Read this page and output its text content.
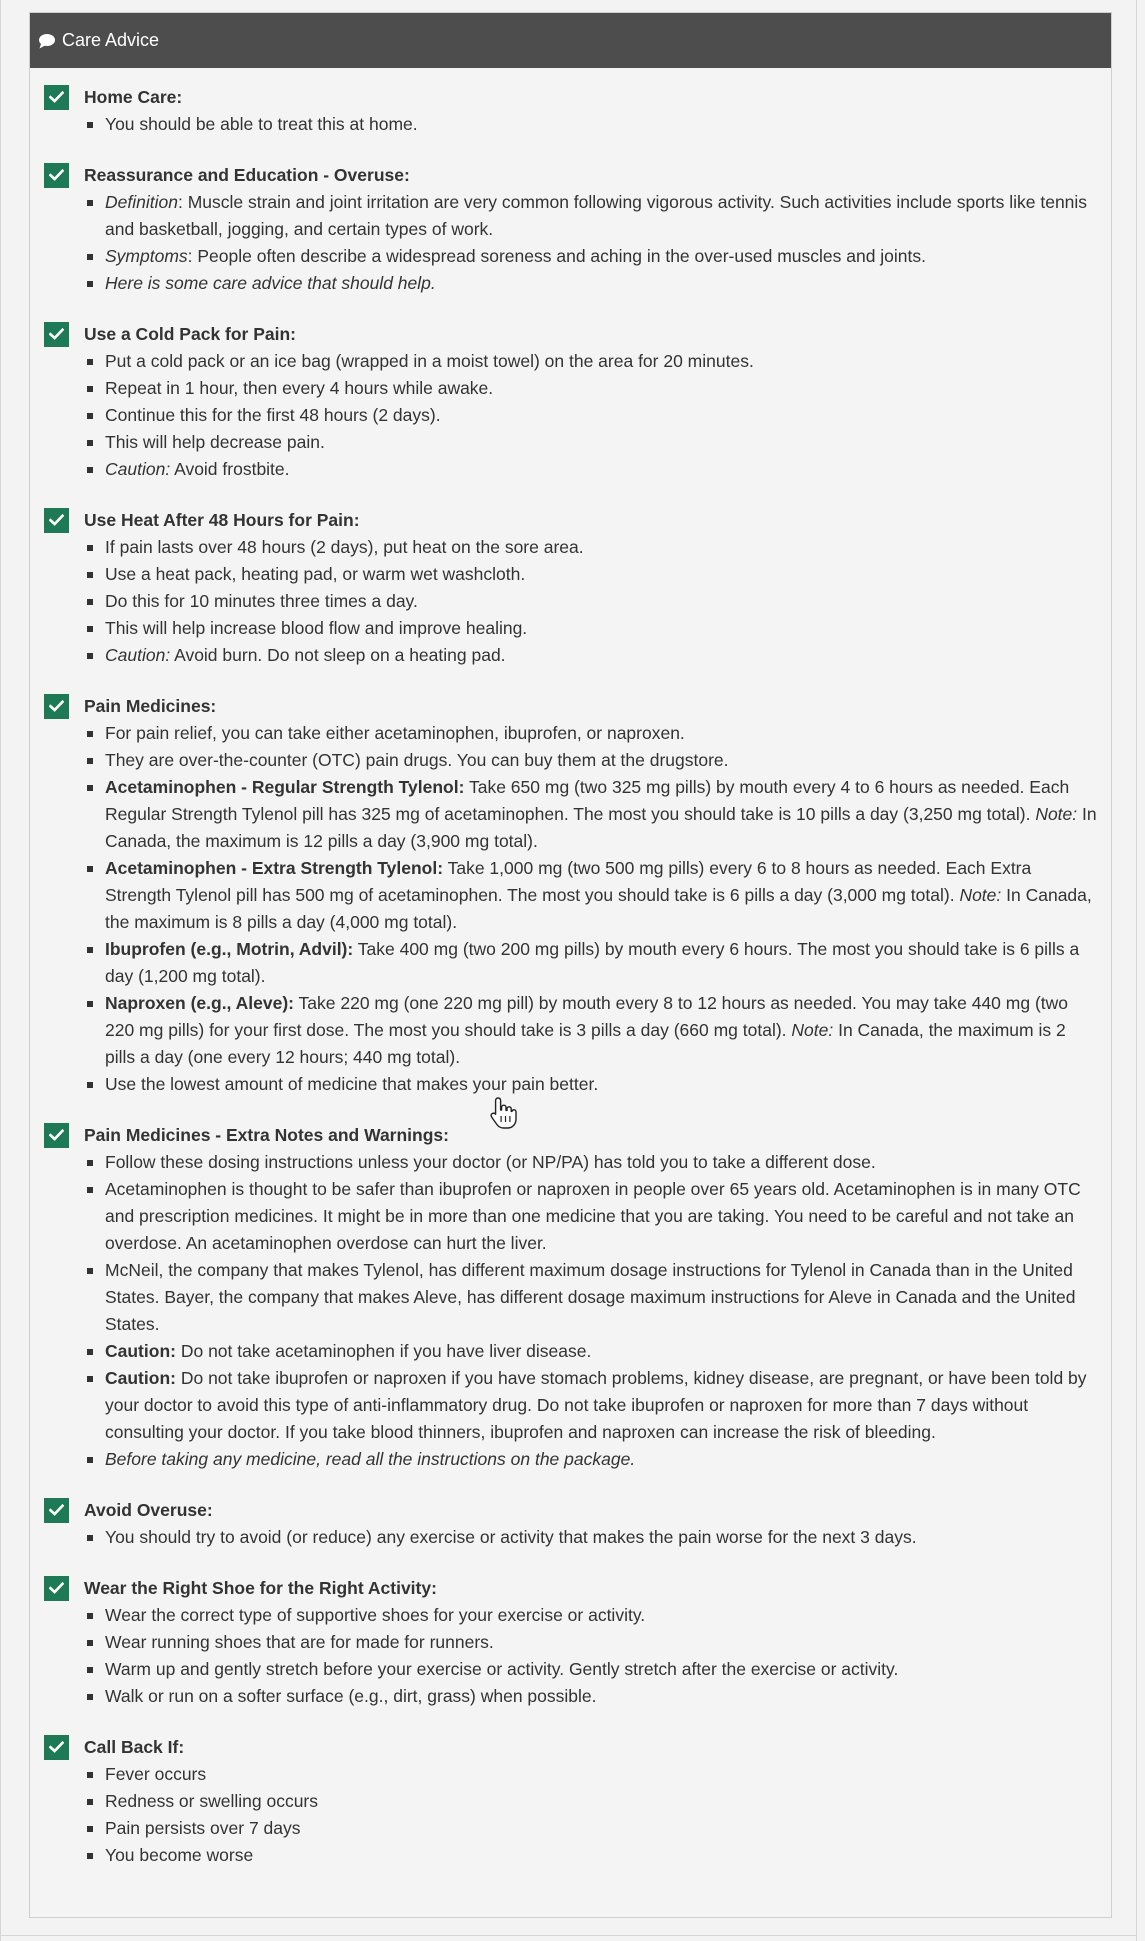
Care Advice
Home Care:
You should be able to treat this at home.
Reassurance and Education - Overuse:
Definition: Muscle strain and joint irritation are very common following vigorous activity. Such activities include sports like tennis and basketball, jogging, and certain types of work.
Symptoms: People often describe a widespread soreness and aching in the over-used muscles and joints.
Here is some care advice that should help.
Use a Cold Pack for Pain:
Put a cold pack or an ice bag (wrapped in a moist towel) on the area for 20 minutes.
Repeat in 1 hour, then every 4 hours while awake.
Continue this for the first 48 hours (2 days).
This will help decrease pain.
Caution: Avoid frostbite.
Use Heat After 48 Hours for Pain:
If pain lasts over 48 hours (2 days), put heat on the sore area.
Use a heat pack, heating pad, or warm wet washcloth.
Do this for 10 minutes three times a day.
This will help increase blood flow and improve healing.
Caution: Avoid burn. Do not sleep on a heating pad.
Pain Medicines:
For pain relief, you can take either acetaminophen, ibuprofen, or naproxen.
They are over-the-counter (OTC) pain drugs. You can buy them at the drugstore.
Acetaminophen - Regular Strength Tylenol: Take 650 mg (two 325 mg pills) by mouth every 4 to 6 hours as needed. Each Regular Strength Tylenol pill has 325 mg of acetaminophen. The most you should take is 10 pills a day (3,250 mg total). Note: In Canada, the maximum is 12 pills a day (3,900 mg total).
Acetaminophen - Extra Strength Tylenol: Take 1,000 mg (two 500 mg pills) every 6 to 8 hours as needed. Each Extra Strength Tylenol pill has 500 mg of acetaminophen. The most you should take is 6 pills a day (3,000 mg total). Note: In Canada, the maximum is 8 pills a day (4,000 mg total).
Ibuprofen (e.g., Motrin, Advil): Take 400 mg (two 200 mg pills) by mouth every 6 hours. The most you should take is 6 pills a day (1,200 mg total).
Naproxen (e.g., Aleve): Take 220 mg (one 220 mg pill) by mouth every 8 to 12 hours as needed. You may take 440 mg (two 220 mg pills) for your first dose. The most you should take is 3 pills a day (660 mg total). Note: In Canada, the maximum is 2 pills a day (one every 12 hours; 440 mg total).
Use the lowest amount of medicine that makes your pain better.
Pain Medicines - Extra Notes and Warnings:
Follow these dosing instructions unless your doctor (or NP/PA) has told you to take a different dose.
Acetaminophen is thought to be safer than ibuprofen or naproxen in people over 65 years old. Acetaminophen is in many OTC and prescription medicines. It might be in more than one medicine that you are taking. You need to be careful and not take an overdose. An acetaminophen overdose can hurt the liver.
McNeil, the company that makes Tylenol, has different maximum dosage instructions for Tylenol in Canada than in the United States. Bayer, the company that makes Aleve, has different dosage maximum instructions for Aleve in Canada and the United States.
Caution: Do not take acetaminophen if you have liver disease.
Caution: Do not take ibuprofen or naproxen if you have stomach problems, kidney disease, are pregnant, or have been told by your doctor to avoid this type of anti-inflammatory drug. Do not take ibuprofen or naproxen for more than 7 days without consulting your doctor. If you take blood thinners, ibuprofen and naproxen can increase the risk of bleeding.
Before taking any medicine, read all the instructions on the package.
Avoid Overuse:
You should try to avoid (or reduce) any exercise or activity that makes the pain worse for the next 3 days.
Wear the Right Shoe for the Right Activity:
Wear the correct type of supportive shoes for your exercise or activity.
Wear running shoes that are for made for runners.
Warm up and gently stretch before your exercise or activity. Gently stretch after the exercise or activity.
Walk or run on a softer surface (e.g., dirt, grass) when possible.
Call Back If:
Fever occurs
Redness or swelling occurs
Pain persists over 7 days
You become worse
